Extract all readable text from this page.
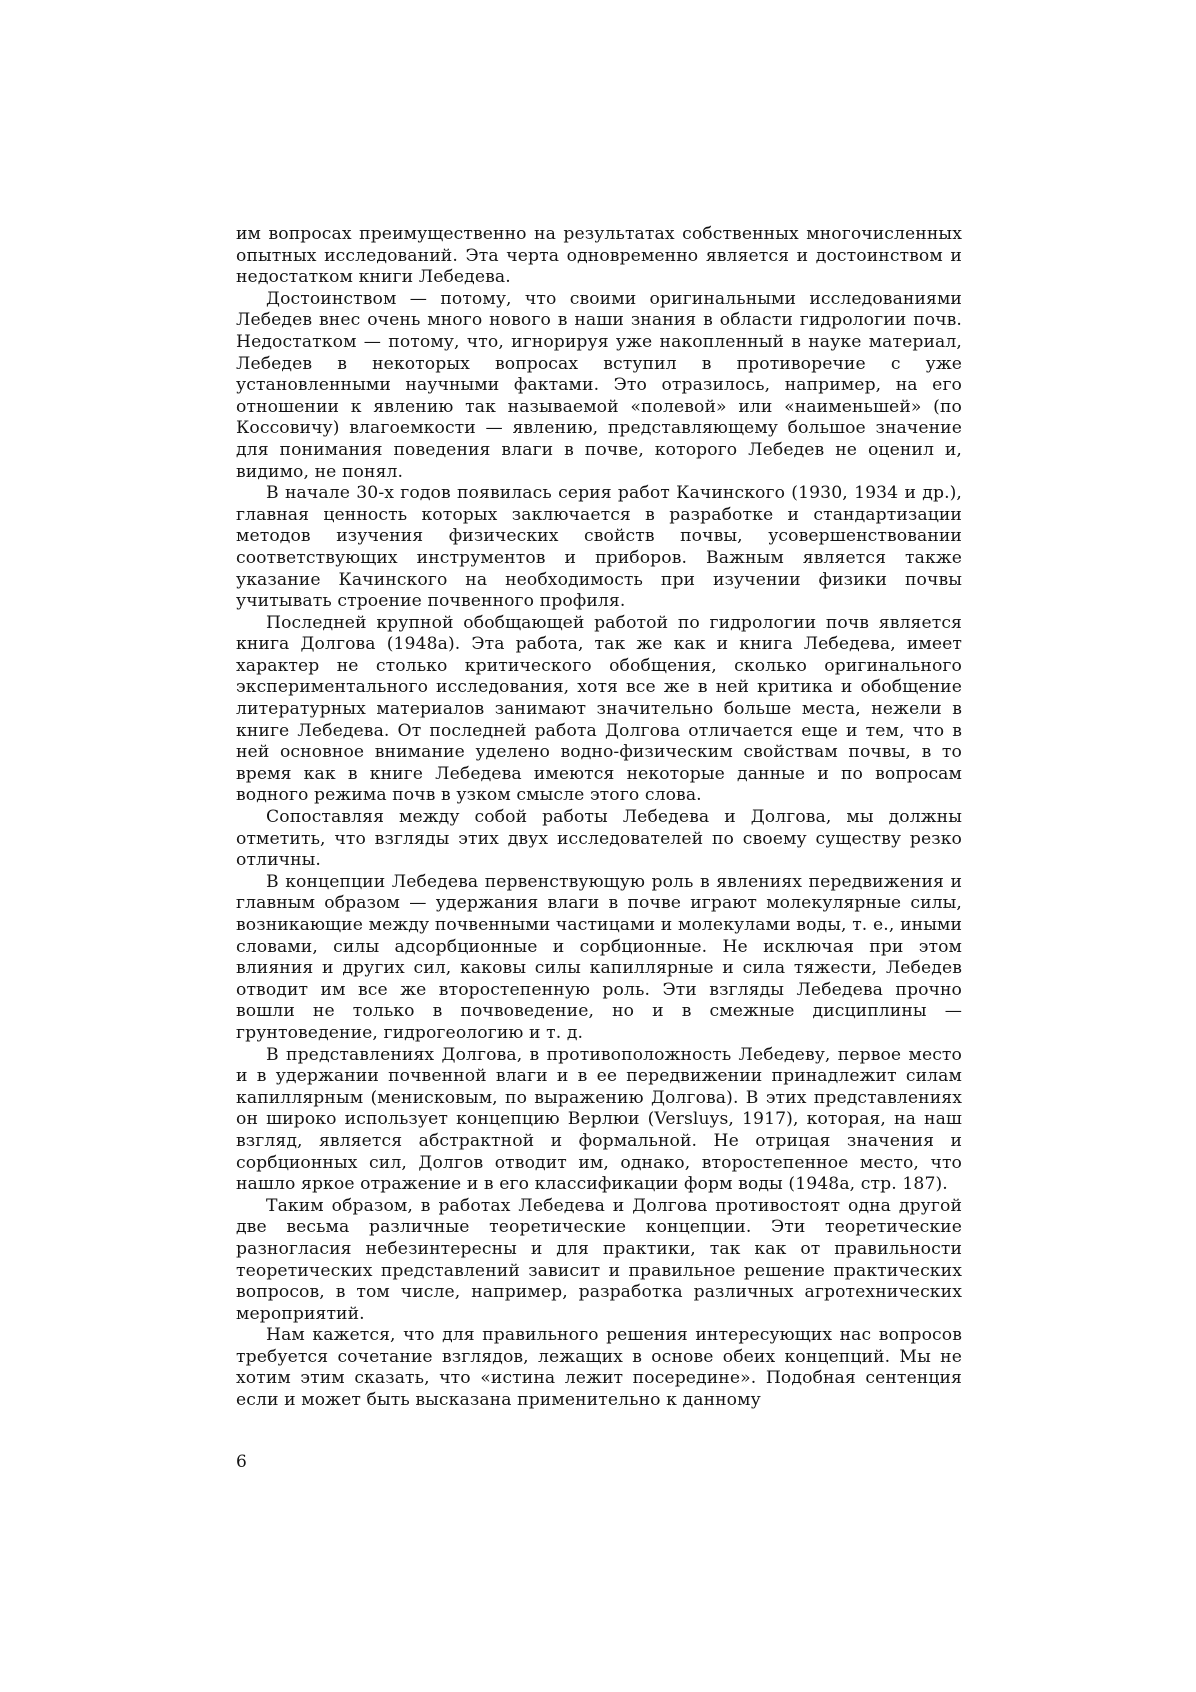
им вопросах преимущественно на результатах собственных многочисленных опытных исследований. Эта черта одновременно является и достоинством и недостатком книги Лебедева.

Достоинством — потому, что своими оригинальными исследованиями Лебедев внес очень много нового в наши знания в области гидрологии почв. Недостатком — потому, что, игнорируя уже накопленный в науке материал, Лебедев в некоторых вопросах вступил в противоречие с уже установленными научными фактами. Это отразилось, например, на его отношении к явлению так называемой «полевой» или «наименьшей» (по Коссовичу) влагоемкости — явлению, представляющему большое значение для понимания поведения влаги в почве, которого Лебедев не оценил и, видимо, не понял.

В начале 30-х годов появилась серия работ Качинского (1930, 1934 и др.), главная ценность которых заключается в разработке и стандартизации методов изучения физических свойств почвы, усовершенствовании соответствующих инструментов и приборов. Важным является также указание Качинского на необходимость при изучении физики почвы учитывать строение почвенного профиля.

Последней крупной обобщающей работой по гидрологии почв является книга Долгова (1948а). Эта работа, так же как и книга Лебедева, имеет характер не столько критического обобщения, сколько оригинального экспериментального исследования, хотя все же в ней критика и обобщение литературных материалов занимают значительно больше места, нежели в книге Лебедева. От последней работа Долгова отличается еще и тем, что в ней основное внимание уделено водно-физическим свойствам почвы, в то время как в книге Лебедева имеются некоторые данные и по вопросам водного режима почв в узком смысле этого слова.

Сопоставляя между собой работы Лебедева и Долгова, мы должны отметить, что взгляды этих двух исследователей по своему существу резко отличны.

В концепции Лебедева первенствующую роль в явлениях передвижения и главным образом — удержания влаги в почве играют молекулярные силы, возникающие между почвенными частицами и молекулами воды, т. е., иными словами, силы адсорбционные и сорбционные. Не исключая при этом влияния и других сил, каковы силы капиллярные и сила тяжести, Лебедев отводит им все же второстепенную роль. Эти взгляды Лебедева прочно вошли не только в почвоведение, но и в смежные дисциплины — грунтоведение, гидрогеологию и т. д.

В представлениях Долгова, в противоположность Лебедеву, первое место и в удержании почвенной влаги и в ее передвижении принадлежит силам капиллярным (менисковым, по выражению Долгова). В этих представлениях он широко использует концепцию Верлюи (Versluys, 1917), которая, на наш взгляд, является абстрактной и формальной. Не отрицая значения и сорбционных сил, Долгов отводит им, однако, второстепенное место, что нашло яркое отражение и в его классификации форм воды (1948а, стр. 187).

Таким образом, в работах Лебедева и Долгова противостоят одна другой две весьма различные теоретические концепции. Эти теоретические разногласия небезинтересны и для практики, так как от правильности теоретических представлений зависит и правильное решение практических вопросов, в том числе, например, разработка различных агротехнических мероприятий.

Нам кажется, что для правильного решения интересующих нас вопросов требуется сочетание взглядов, лежащих в основе обеих концепций. Мы не хотим этим сказать, что «истина лежит посередине». Подобная сентенция если и может быть высказана применительно к данному

6
